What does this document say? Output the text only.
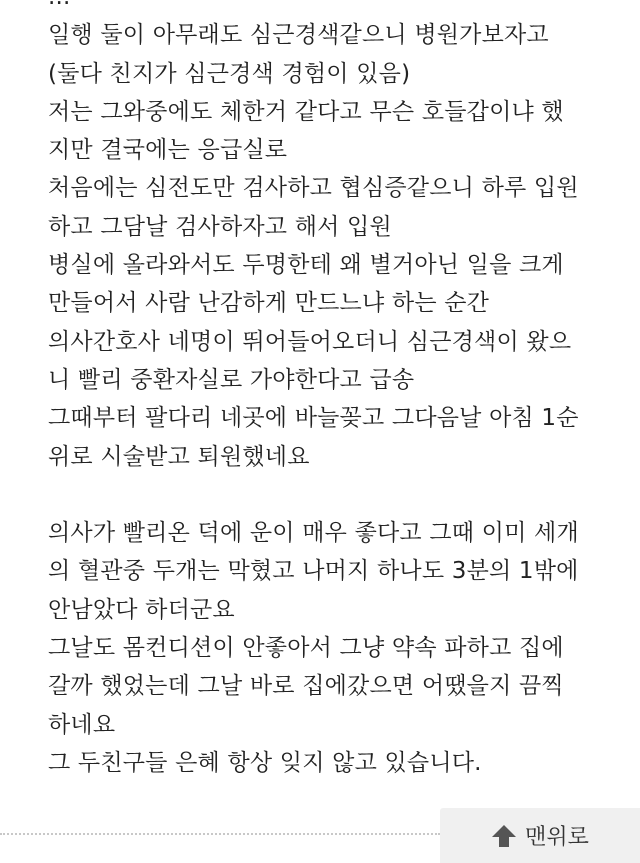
일행 둘이 아무래도 심근경색같으니 병원가보자고
(둘다 친지가 심근경색 경험이 있음)
저는 그와중에도 체한거 같다고 무슨 호들갑이냐 했
지만 결국에는 응급실로
처음에는 심전도만 검사하고 협심증같으니 하루 입원
하고 그담날 검사하자고 해서 입원
병실에 올라와서도 두명한테 왜 별거아닌 일을 크게
만들어서 사람 난감하게 만드느냐 하는 순간
의사간호사 네명이 뛰어들어오더니 심근경색이 왔으
니 빨리 중환자실로 가야한다고 급송
그때부터 팔다리 네곳에 바늘꽂고 그다음날 아침 1순
위로 시술받고 퇴원했네요
의사가 빨리온 덕에 운이 매우 좋다고 그때 이미 세개
의 혈관중 두개는 막혔고 나머지 하나도 3분의 1밖에
안남았다 하더군요
그날도 몸컨디션이 안좋아서 그냥 약속 파하고 집에
갈까 했었는데 그날 바로 집에갔으면 어땠을지 끔찍
하네요
그 두친구들 은혜 항상 잊지 않고 있습니다.
맨위로
